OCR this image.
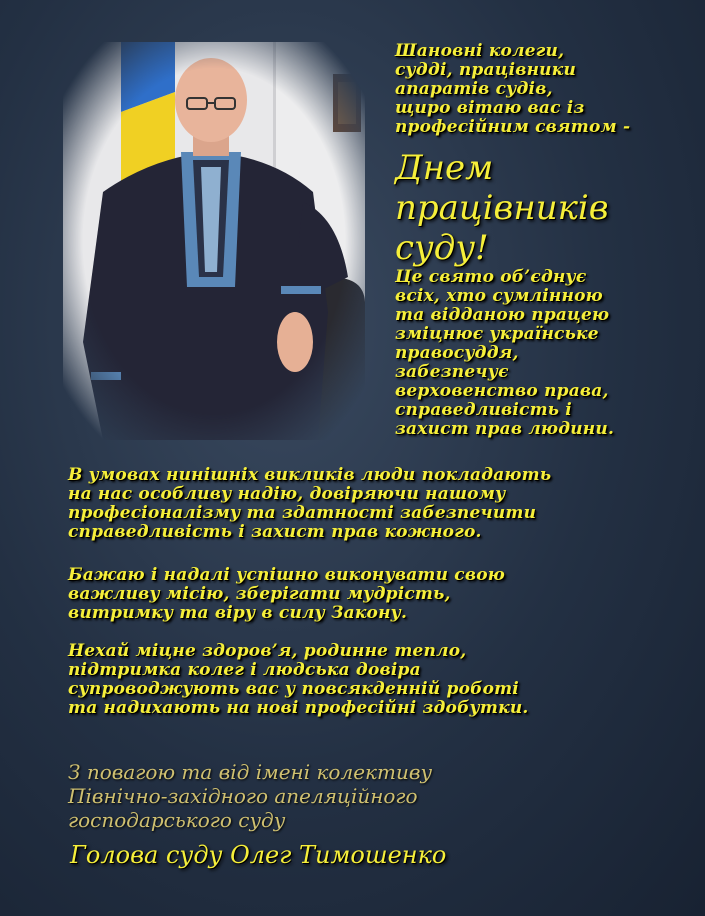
Шановні колеги,
судді, працівники
апаратів судів,
щиро вітаю вас із
професійним святом -
Днем
працівників
суду!
Це свято об’єднує
всіх, хто сумлінною
та відданою працею
зміцнює українське
правосуддя,
забезпечує
верховенство права,
справедливість і
захист прав людини.
В умовах нинішніх викликів люди покладають
на нас особливу надію, довіряючи нашому
професіоналізму та здатності забезпечити
справедливість і захист прав кожного.
Бажаю і надалі успішно виконувати свою
важливу місію, зберігати мудрість,
витримку та віру в силу Закону.
Нехай міцне здоров’я, родинне тепло,
підтримка колег і людська довіра
супроводжують вас у повсякденній роботі
та надихають на нові професійні здобутки.
З повагою та від імені колективу
Північно-західного апеляційного
господарського суду
Голова суду Олег Тимошенко
